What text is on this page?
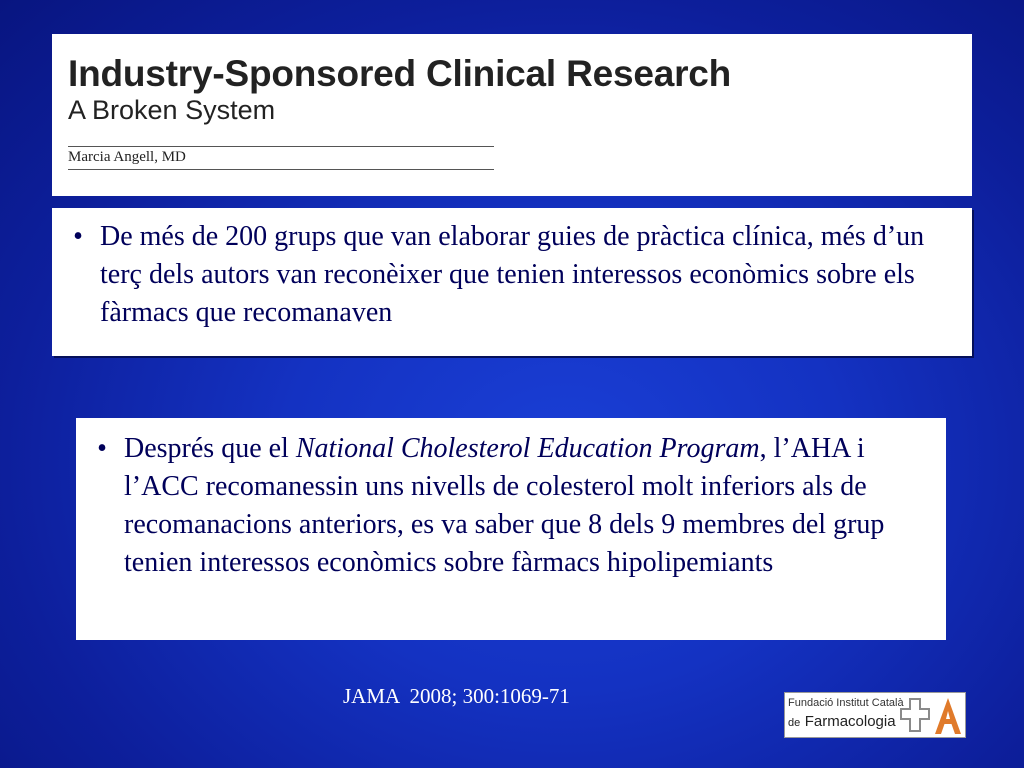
Industry-Sponsored Clinical Research
A Broken System
Marcia Angell, MD
• De més de 200 grups que van elaborar guies de pràctica clínica, més d’un terç dels autors van reconèixer que tenien interessos econòmics sobre els fàrmacs que recomanaven
• Després que el National Cholesterol Education Program, l’AHA i l’ACC recomanessin uns nivells de colesterol molt inferiors als de recomanacions anteriors, es va saber que 8 dels 9 membres del grup tenien interessos econòmics sobre fàrmacs hipolipemiants
JAMA  2008; 300:1069-71	Fundació Institut Català
de Farmacologia
